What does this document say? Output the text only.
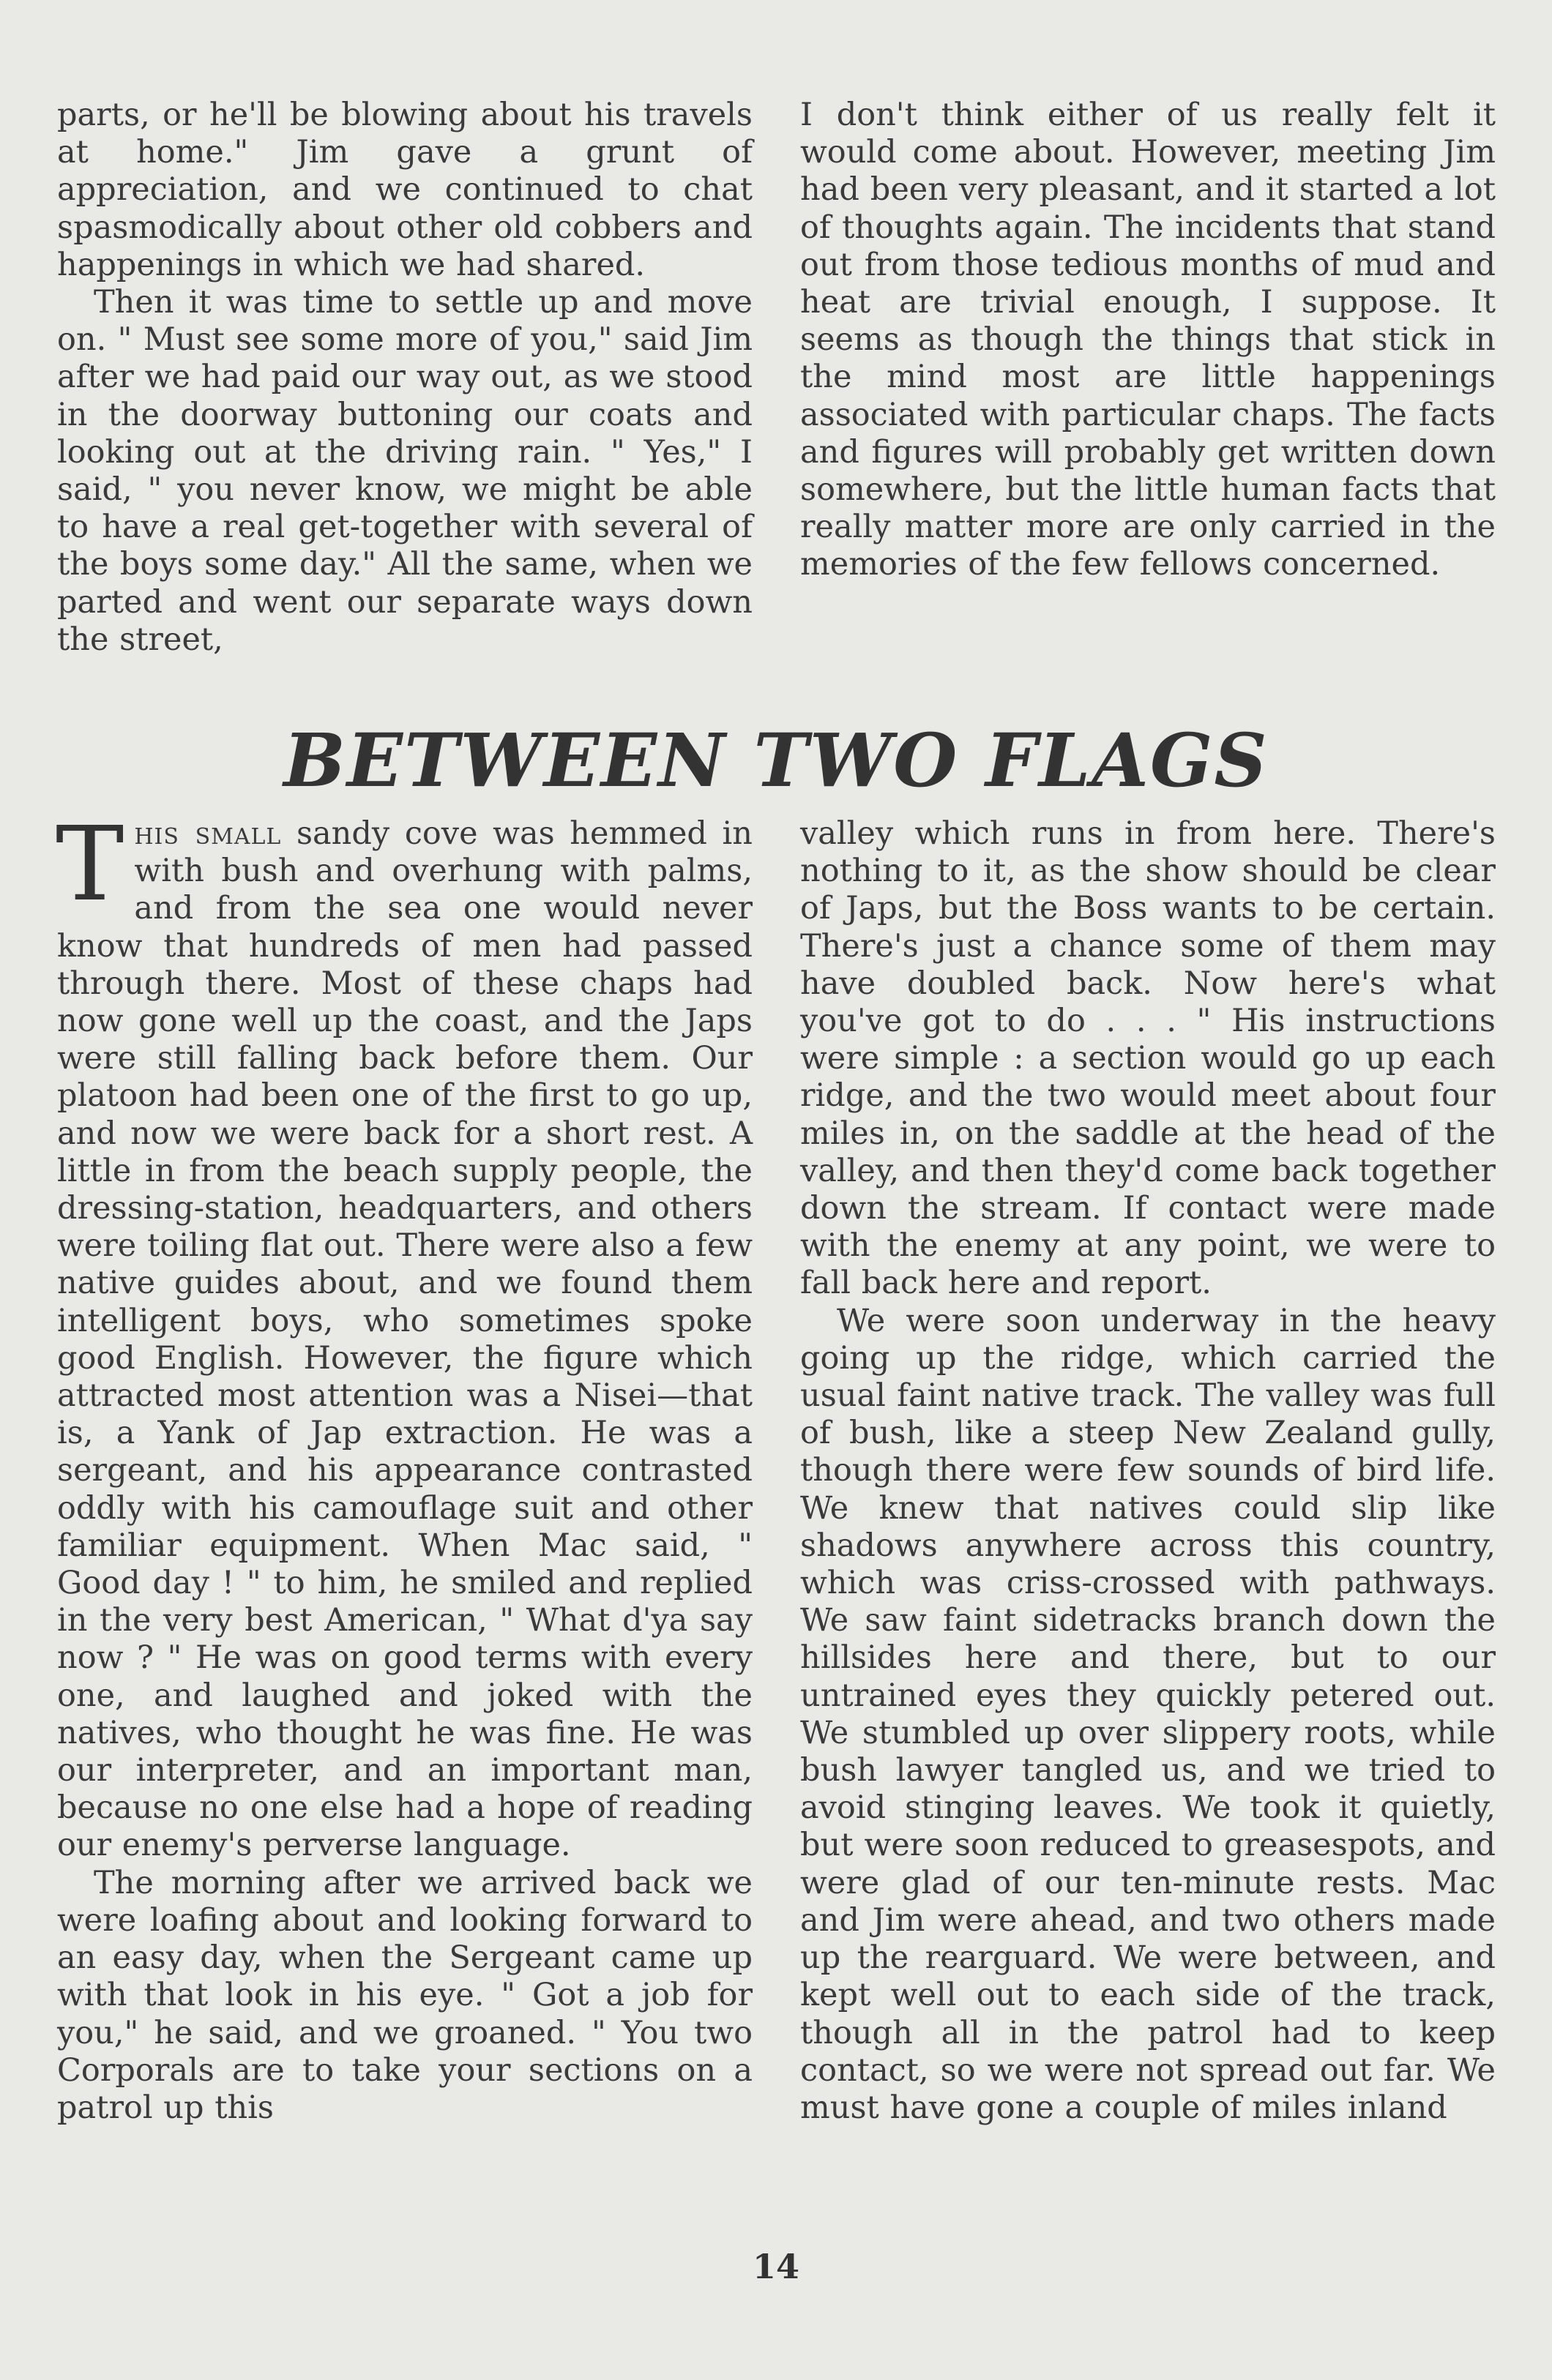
parts, or he'll be blowing about his travels at home." Jim gave a grunt of appreciation, and we continued to chat spasmodically about other old cobbers and happenings in which we had shared.

Then it was time to settle up and move on. " Must see some more of you," said Jim after we had paid our way out, as we stood in the doorway buttoning our coats and looking out at the driving rain. " Yes," I said, " you never know, we might be able to have a real get-together with several of the boys some day." All the same, when we parted and went our separate ways down the street,

I don't think either of us really felt it would come about. However, meeting Jim had been very pleasant, and it started a lot of thoughts again. The incidents that stand out from those tedious months of mud and heat are trivial enough, I suppose. It seems as though the things that stick in the mind most are little happenings associated with particular chaps. The facts and figures will probably get written down somewhere, but the little human facts that really matter more are only carried in the memories of the few fellows concerned.

BETWEEN TWO FLAGS

This small sandy cove was hemmed in with bush and overhung with palms, and from the sea one would never know that hundreds of men had passed through there. Most of these chaps had now gone well up the coast, and the Japs were still falling back before them. Our platoon had been one of the first to go up, and now we were back for a short rest. A little in from the beach supply people, the dressing-station, headquarters, and others were toiling flat out. There were also a few native guides about, and we found them intelligent boys, who sometimes spoke good English. However, the figure which attracted most attention was a Nisei—that is, a Yank of Jap extraction. He was a sergeant, and his appearance contrasted oddly with his camouflage suit and other familiar equipment. When Mac said, " Good day ! " to him, he smiled and replied in the very best American, " What d'ya say now ? " He was on good terms with every one, and laughed and joked with the natives, who thought he was fine. He was our interpreter, and an important man, because no one else had a hope of reading our enemy's perverse language.

The morning after we arrived back we were loafing about and looking forward to an easy day, when the Sergeant came up with that look in his eye. " Got a job for you," he said, and we groaned. " You two Corporals are to take your sections on a patrol up this

valley which runs in from here. There's nothing to it, as the show should be clear of Japs, but the Boss wants to be certain. There's just a chance some of them may have doubled back. Now here's what you've got to do . . . " His instructions were simple : a section would go up each ridge, and the two would meet about four miles in, on the saddle at the head of the valley, and then they'd come back together down the stream. If contact were made with the enemy at any point, we were to fall back here and report.

We were soon underway in the heavy going up the ridge, which carried the usual faint native track. The valley was full of bush, like a steep New Zealand gully, though there were few sounds of bird life. We knew that natives could slip like shadows anywhere across this country, which was criss-crossed with pathways. We saw faint sidetracks branch down the hillsides here and there, but to our untrained eyes they quickly petered out. We stumbled up over slippery roots, while bush lawyer tangled us, and we tried to avoid stinging leaves. We took it quietly, but were soon reduced to greasespots, and were glad of our ten-minute rests. Mac and Jim were ahead, and two others made up the rearguard. We were between, and kept well out to each side of the track, though all in the patrol had to keep contact, so we were not spread out far. We must have gone a couple of miles inland

14
